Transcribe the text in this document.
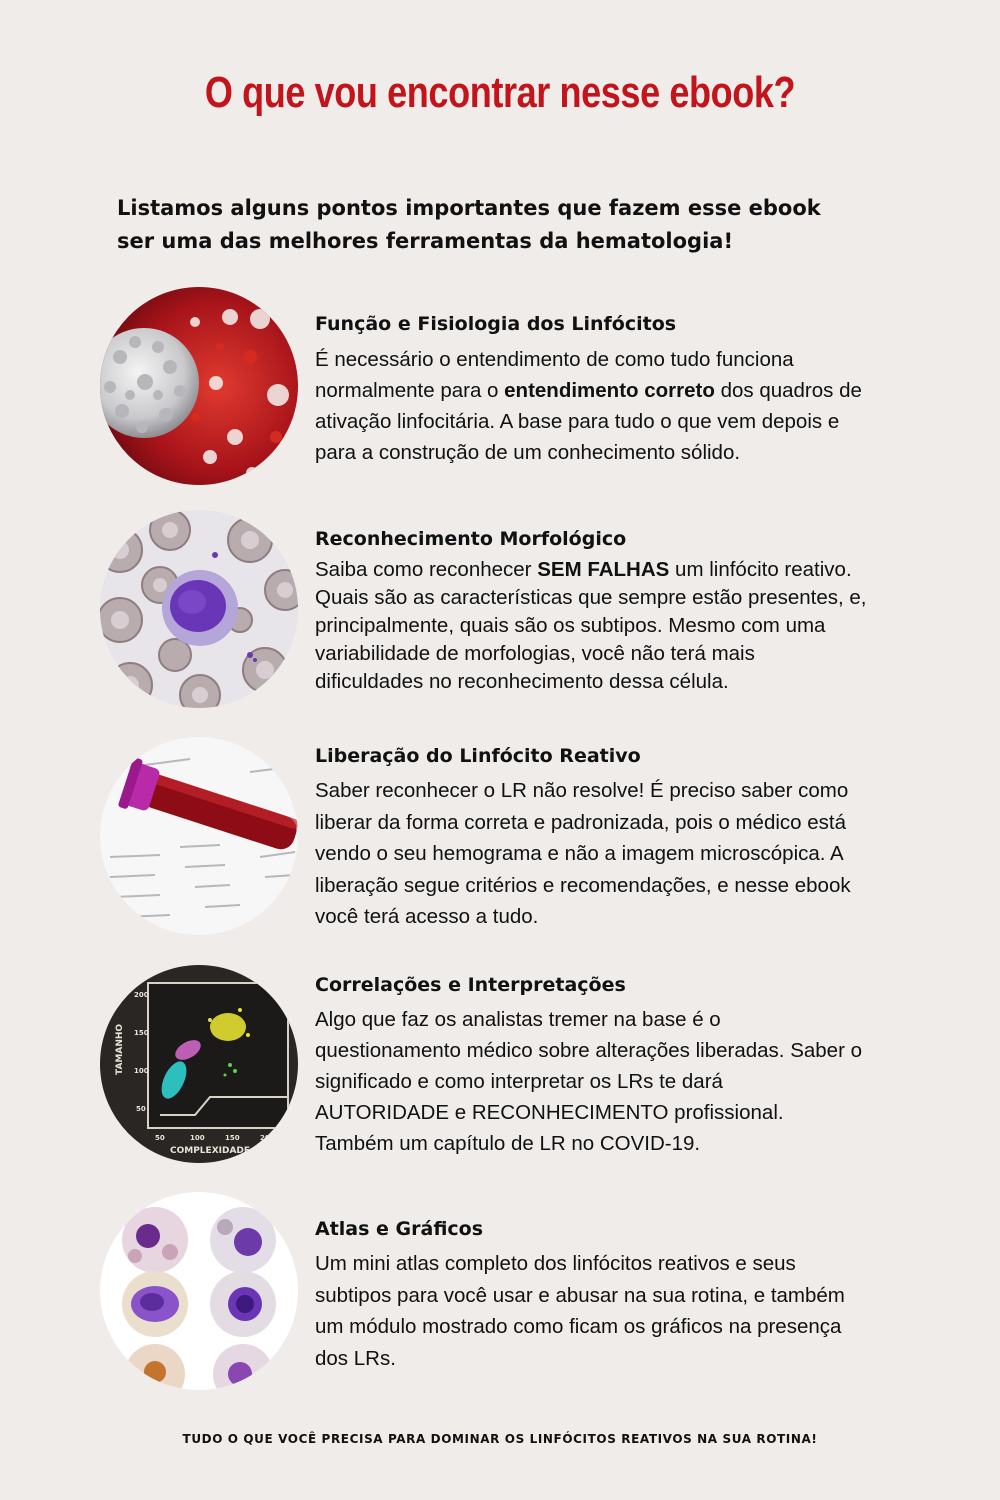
O que vou encontrar nesse ebook?
Listamos alguns pontos importantes que fazem esse ebook
ser uma das melhores ferramentas da hematologia!
Função e Fisiologia dos Linfócitos
É necessário o entendimento de como tudo funciona
normalmente para o entendimento correto dos quadros de
ativação linfocitária. A base para tudo o que vem depois e
para a construção de um conhecimento sólido.
Reconhecimento Morfológico
Saiba como reconhecer SEM FALHAS um linfócito reativo.
Quais são as características que sempre estão presentes, e,
principalmente, quais são os subtipos. Mesmo com uma
variabilidade de morfologias, você não terá mais
dificuldades no reconhecimento dessa célula.
Liberação do Linfócito Reativo
Saber reconhecer o LR não resolve! É preciso saber como
liberar da forma correta e padronizada, pois o médico está
vendo o seu hemograma e não a imagem microscópica. A
liberação segue critérios e recomendações, e nesse ebook
você terá acesso a tudo.
50	100	150	200
COMPLEXIDADE
200
150
100
50
TAMANHO
Correlações e Interpretações
Algo que faz os analistas tremer na base é o
questionamento médico sobre alterações liberadas. Saber o
significado e como interpretar os LRs te dará
AUTORIDADE e RECONHECIMENTO profissional.
Também um capítulo de LR no COVID-19.
Atlas e Gráficos
Um mini atlas completo dos linfócitos reativos e seus
subtipos para você usar e abusar na sua rotina, e também
um módulo mostrado como ficam os gráficos na presença
dos LRs.
TUDO O QUE VOCÊ PRECISA PARA DOMINAR OS LINFÓCITOS REATIVOS NA SUA ROTINA!
